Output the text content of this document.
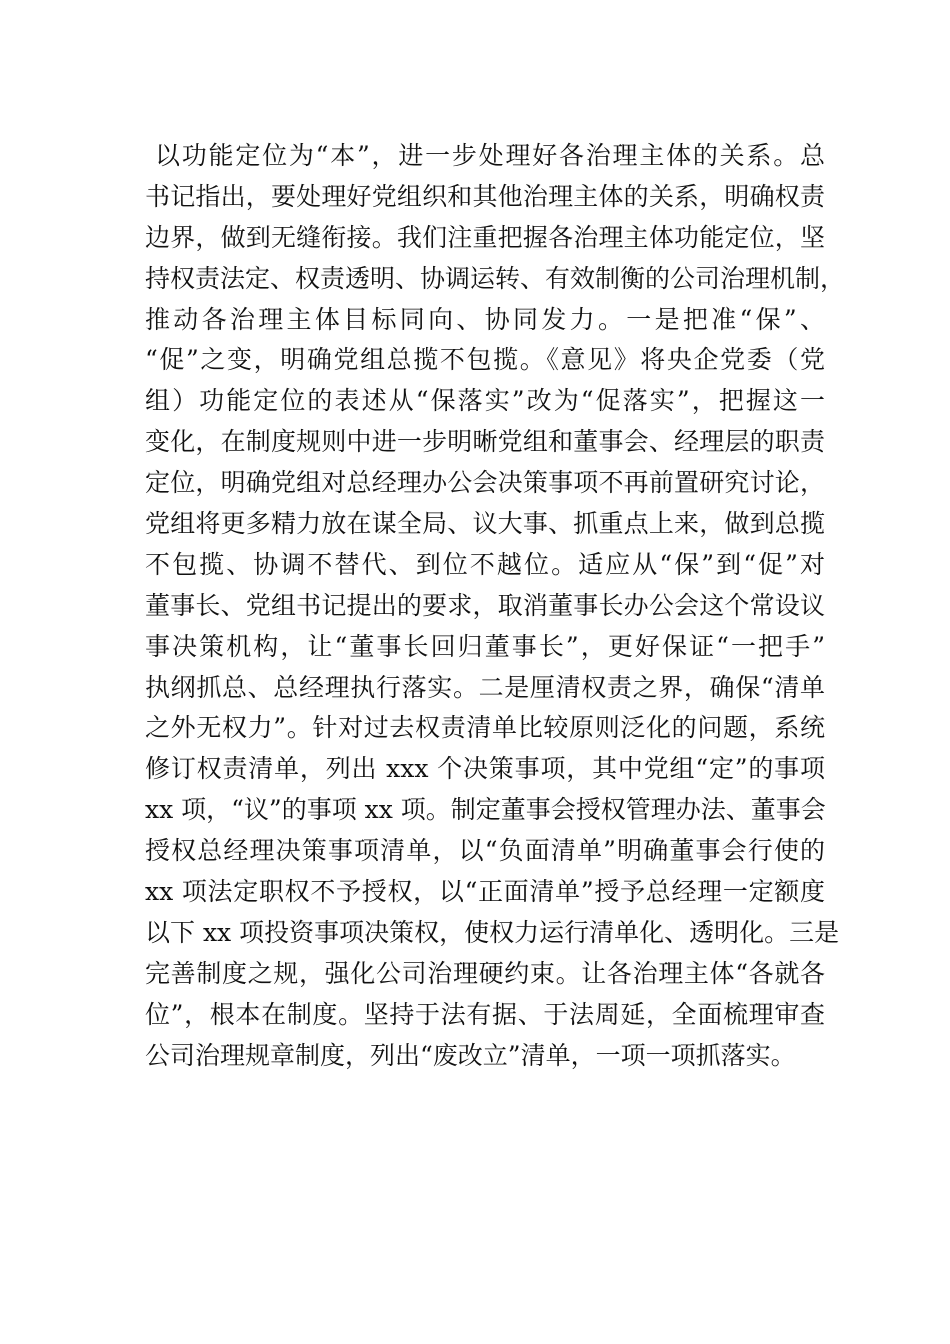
以功能定位为“本”，进一步处理好各治理主体的关系。总
书记指出，要处理好党组织和其他治理主体的关系，明确权责
边界，做到无缝衔接。我们注重把握各治理主体功能定位，坚
持权责法定、权责透明、协调运转、有效制衡的公司治理机制，
推动各治理主体目标同向、协同发力。一是把准“保”、
“促”之变，明确党组总揽不包揽。《意见》将央企党委（党
组）功能定位的表述从“保落实”改为“促落实”，把握这一
变化，在制度规则中进一步明晰党组和董事会、经理层的职责
定位，明确党组对总经理办公会决策事项不再前置研究讨论，
党组将更多精力放在谋全局、议大事、抓重点上来，做到总揽
不包揽、协调不替代、到位不越位。适应从“保”到“促”对
董事长、党组书记提出的要求，取消董事长办公会这个常设议
事决策机构，让“董事长回归董事长”，更好保证“一把手”
执纲抓总、总经理执行落实。二是厘清权责之界，确保“清单
之外无权力”。针对过去权责清单比较原则泛化的问题，系统
修订权责清单，列出 xxx 个决策事项，其中党组“定”的事项
xx 项，“议”的事项 xx 项。制定董事会授权管理办法、董事会
授权总经理决策事项清单，以“负面清单”明确董事会行使的
xx 项法定职权不予授权，以“正面清单”授予总经理一定额度
以下 xx 项投资事项决策权，使权力运行清单化、透明化。三是
完善制度之规，强化公司治理硬约束。让各治理主体“各就各
位”，根本在制度。坚持于法有据、于法周延，全面梳理审查
公司治理规章制度，列出“废改立”清单，一项一项抓落实。
